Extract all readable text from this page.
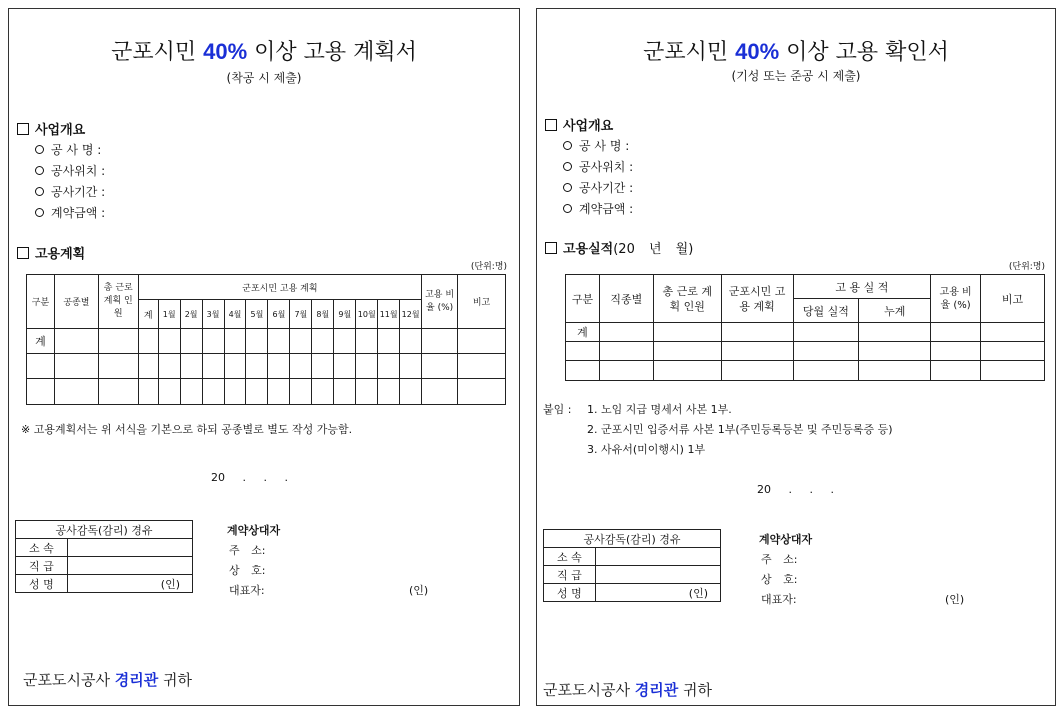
군포시민 40% 이상 고용 계획서
(착공 시 제출)
사업개요
공 사 명 :
공사위치 :
공사기간 :
계약금액 :
고용계획
(단위:명)
구분	공종별	총 근로 계획 인원	군포시민 고용 계획													고용 비율 (%)	비고
			계	1월	2월	3월	4월	5월	6월	7월	8월	9월	10월	11월	12월		
계																	

※ 고용계획서는 위 서식을 기본으로 하되 공종별로 별도 작성 가능함.
20 . . .
공사감독(감리) 경유	
소 속	
직 급	
성 명	(인)
계약상대자
주 소:
상 호:
대표자:	(인)
군포도시공사 경리관 귀하
군포시민 40% 이상 고용 확인서
(기성 또는 준공 시 제출)
사업개요
공 사 명 :
공사위치 :
공사기간 :
계약금액 :
고용실적(20 년 월)
(단위:명)
구분	직종별	총 근로 계획 인원	군포시민 고용 계획	고 용 실 적		고용 비율 (%)	비고
				당월 실적	누계		
계							

붙임 : 1. 노임 지급 명세서 사본 1부.
2. 군포시민 입증서류 사본 1부(주민등록등본 및 주민등록증 등)
3. 사유서(미이행시) 1부
20 . . .
공사감독(감리) 경유	
소 속	
직 급	
성 명	(인)
계약상대자
주 소:
상 호:
대표자:	(인)
군포도시공사 경리관 귀하
